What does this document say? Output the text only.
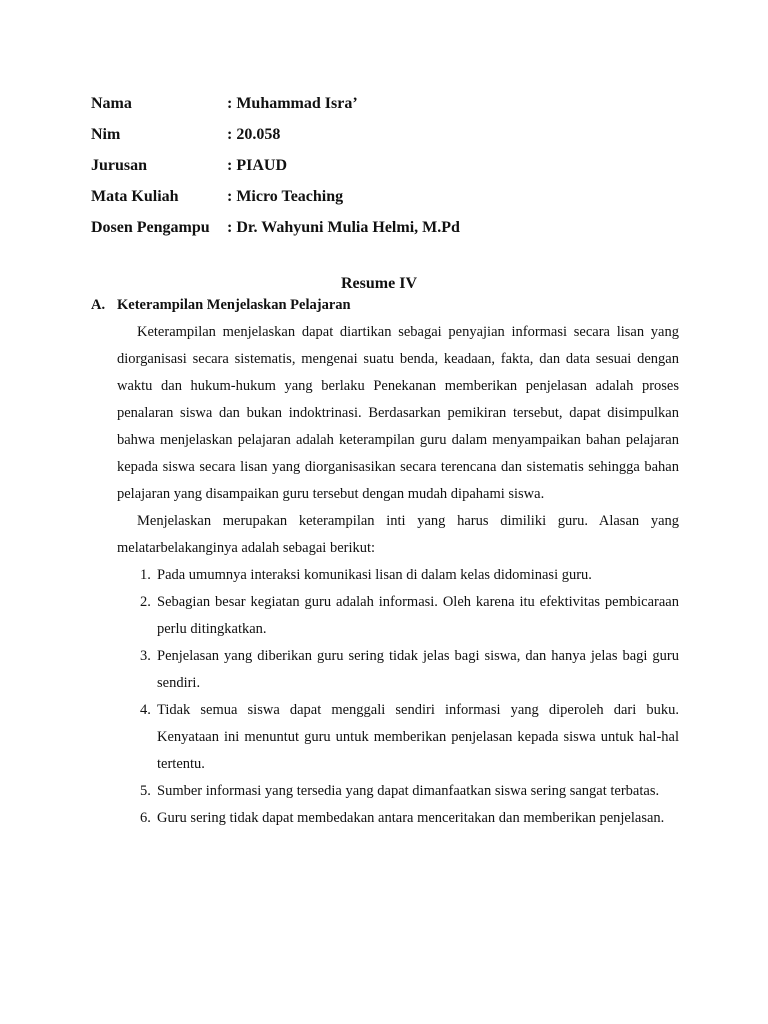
Nama	: Muhammad Isra’
Nim	: 20.058
Jurusan	: PIAUD
Mata Kuliah	: Micro Teaching
Dosen Pengampu	: Dr. Wahyuni Mulia Helmi, M.Pd
Resume IV
A. Keterampilan Menjelaskan Pelajaran

Keterampilan menjelaskan dapat diartikan sebagai penyajian informasi secara lisan yang diorganisasi secara sistematis, mengenai suatu benda, keadaan, fakta, dan data sesuai dengan waktu dan hukum-hukum yang berlaku Penekanan memberikan penjelasan adalah proses penalaran siswa dan bukan indoktrinasi. Berdasarkan pemikiran tersebut, dapat disimpulkan bahwa menjelaskan pelajaran adalah keterampilan guru dalam menyampaikan bahan pelajaran kepada siswa secara lisan yang diorganisasikan secara terencana dan sistematis sehingga bahan pelajaran yang disampaikan guru tersebut dengan mudah dipahami siswa.

Menjelaskan merupakan keterampilan inti yang harus dimiliki guru. Alasan yang melatarbelakanginya adalah sebagai berikut:

1. Pada umumnya interaksi komunikasi lisan di dalam kelas didominasi guru.
2. Sebagian besar kegiatan guru adalah informasi. Oleh karena itu efektivitas pembicaraan perlu ditingkatkan.
3. Penjelasan yang diberikan guru sering tidak jelas bagi siswa, dan hanya jelas bagi guru sendiri.
4. Tidak semua siswa dapat menggali sendiri informasi yang diperoleh dari buku. Kenyataan ini menuntut guru untuk memberikan penjelasan kepada siswa untuk hal-hal tertentu.
5. Sumber informasi yang tersedia yang dapat dimanfaatkan siswa sering sangat terbatas.
6. Guru sering tidak dapat membedakan antara menceritakan dan memberikan penjelasan.
